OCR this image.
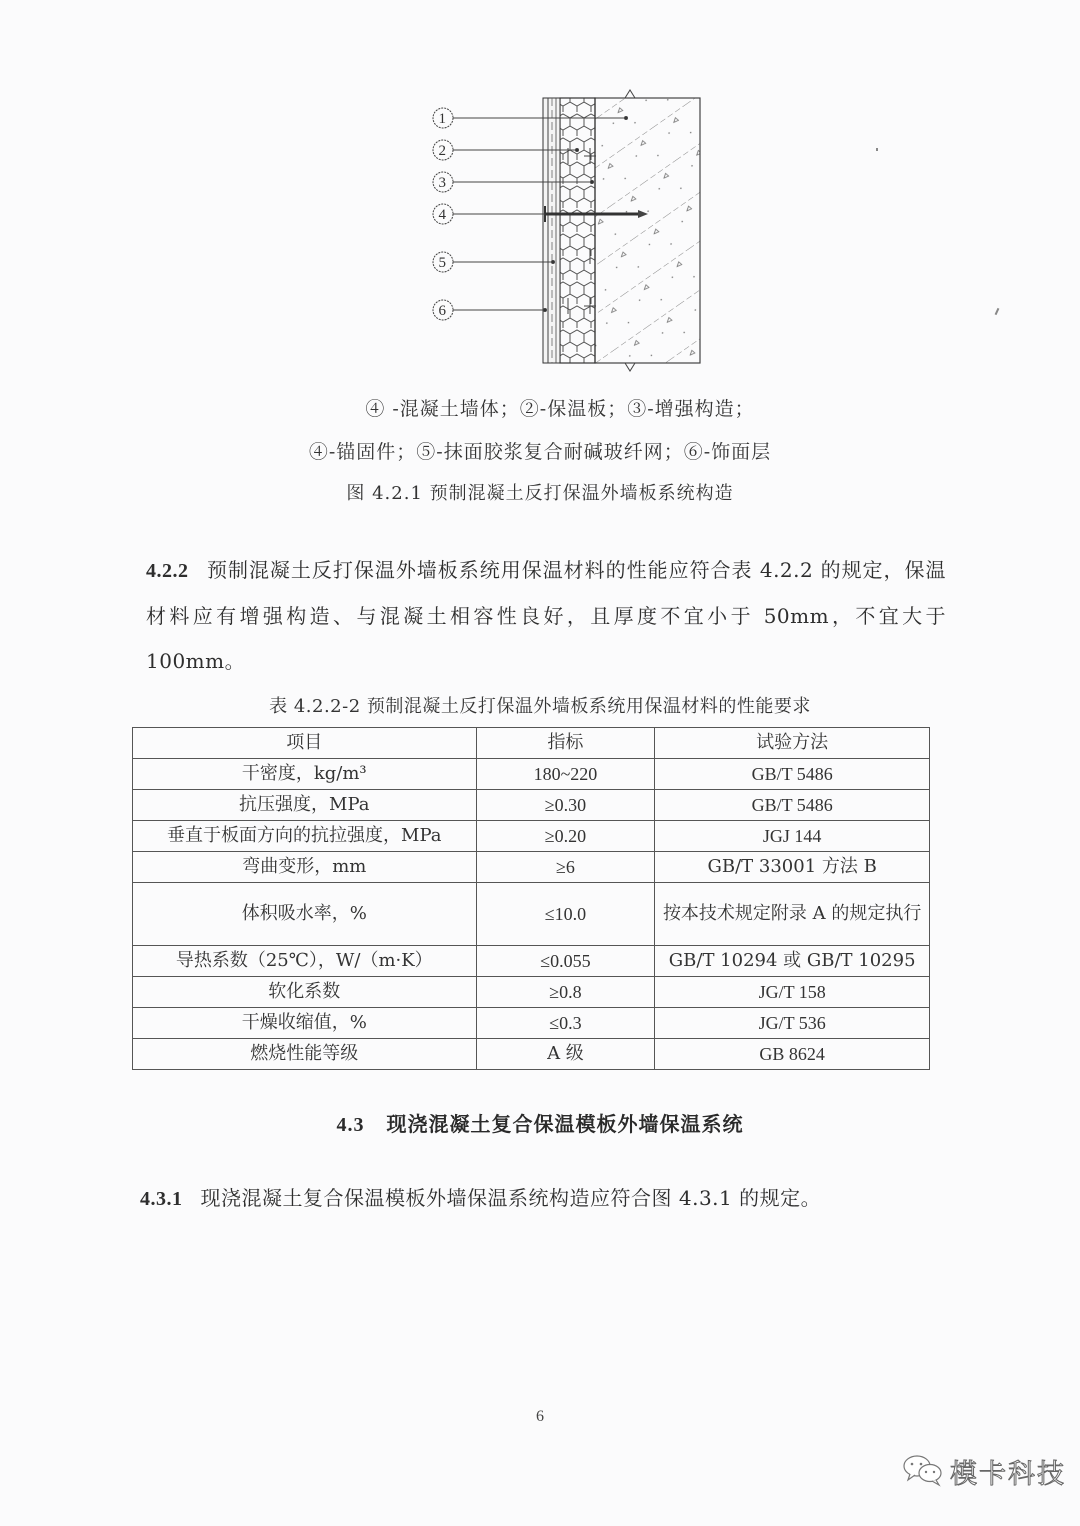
1
2
3
4
5
6
④ -混凝土墙体；②-保温板；③-增强构造；
④-锚固件；⑤-抹面胶浆复合耐碱玻纤网；⑥-饰面层
图 4.2.1 预制混凝土反打保温外墙板系统构造
4.2.2 预制混凝土反打保温外墙板系统用保温材料的性能应符合表 4.2.2 的规定，保温材料应有增强构造、与混凝土相容性良好，且厚度不宜小于 50mm，不宜大于 100mm。
表 4.2.2-2 预制混凝土反打保温外墙板系统用保温材料的性能要求
项目	指标	试验方法
干密度，kg/m³	180~220	GB/T 5486
抗压强度，MPa	≥0.30	GB/T 5486
垂直于板面方向的抗拉强度，MPa	≥0.20	JGJ 144
弯曲变形，mm	≥6	GB/T 33001 方法 B
体积吸水率，%	≤10.0	按本技术规定附录 A 的规定执行
导热系数（25℃），W/（m·K）	≤0.055	GB/T 10294 或 GB/T 10295
软化系数	≥0.8	JG/T 158
干燥收缩值，%	≤0.3	JG/T 536
燃烧性能等级	A 级	GB 8624
4.3 现浇混凝土复合保温模板外墙保温系统
4.3.1 现浇混凝土复合保温模板外墙保温系统构造应符合图 4.3.1 的规定。
6
模卡科技
